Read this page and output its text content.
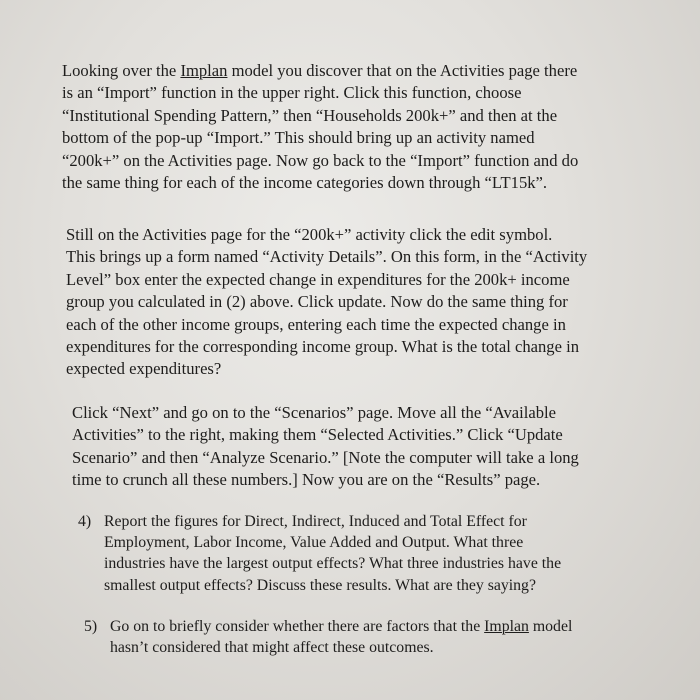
Looking over the Implan model you discover that on the Activities page there
is an “Import” function in the upper right. Click this function, choose
“Institutional Spending Pattern,” then “Households 200k+” and then at the
bottom of the pop-up “Import.” This should bring up an activity named
“200k+” on the Activities page. Now go back to the “Import” function and do
the same thing for each of the income categories down through “LT15k”.
Still on the Activities page for the “200k+” activity click the edit symbol.
This brings up a form named “Activity Details”. On this form, in the “Activity
Level” box enter the expected change in expenditures for the 200k+ income
group you calculated in (2) above. Click update. Now do the same thing for
each of the other income groups, entering each time the expected change in
expenditures for the corresponding income group. What is the total change in
expected expenditures?
Click “Next” and go on to the “Scenarios” page. Move all the “Available
Activities” to the right, making them “Selected Activities.” Click “Update
Scenario” and then “Analyze Scenario.” [Note the computer will take a long
time to crunch all these numbers.] Now you are on the “Results” page.
4) Report the figures for Direct, Indirect, Induced and Total Effect for
Employment, Labor Income, Value Added and Output. What three
industries have the largest output effects? What three industries have the
smallest output effects? Discuss these results. What are they saying?
5) Go on to briefly consider whether there are factors that the Implan model
hasn’t considered that might affect these outcomes.
